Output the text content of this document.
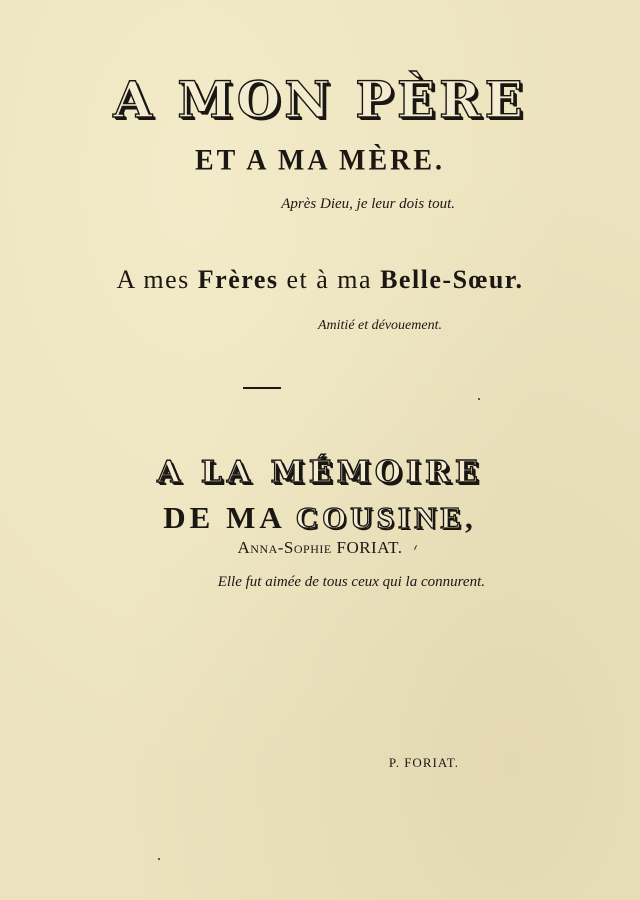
A MON PÈRE
ET A MA MÈRE.
Après Dieu, je leur dois tout.
A mes Frères et à ma Belle-Sœur.
Amitié et dévouement.
A LA MÉMOIRE
DE MA COUSINE,
Anna-Sophie FORIAT.
Elle fut aimée de tous ceux qui la connurent.
P. FORIAT.
